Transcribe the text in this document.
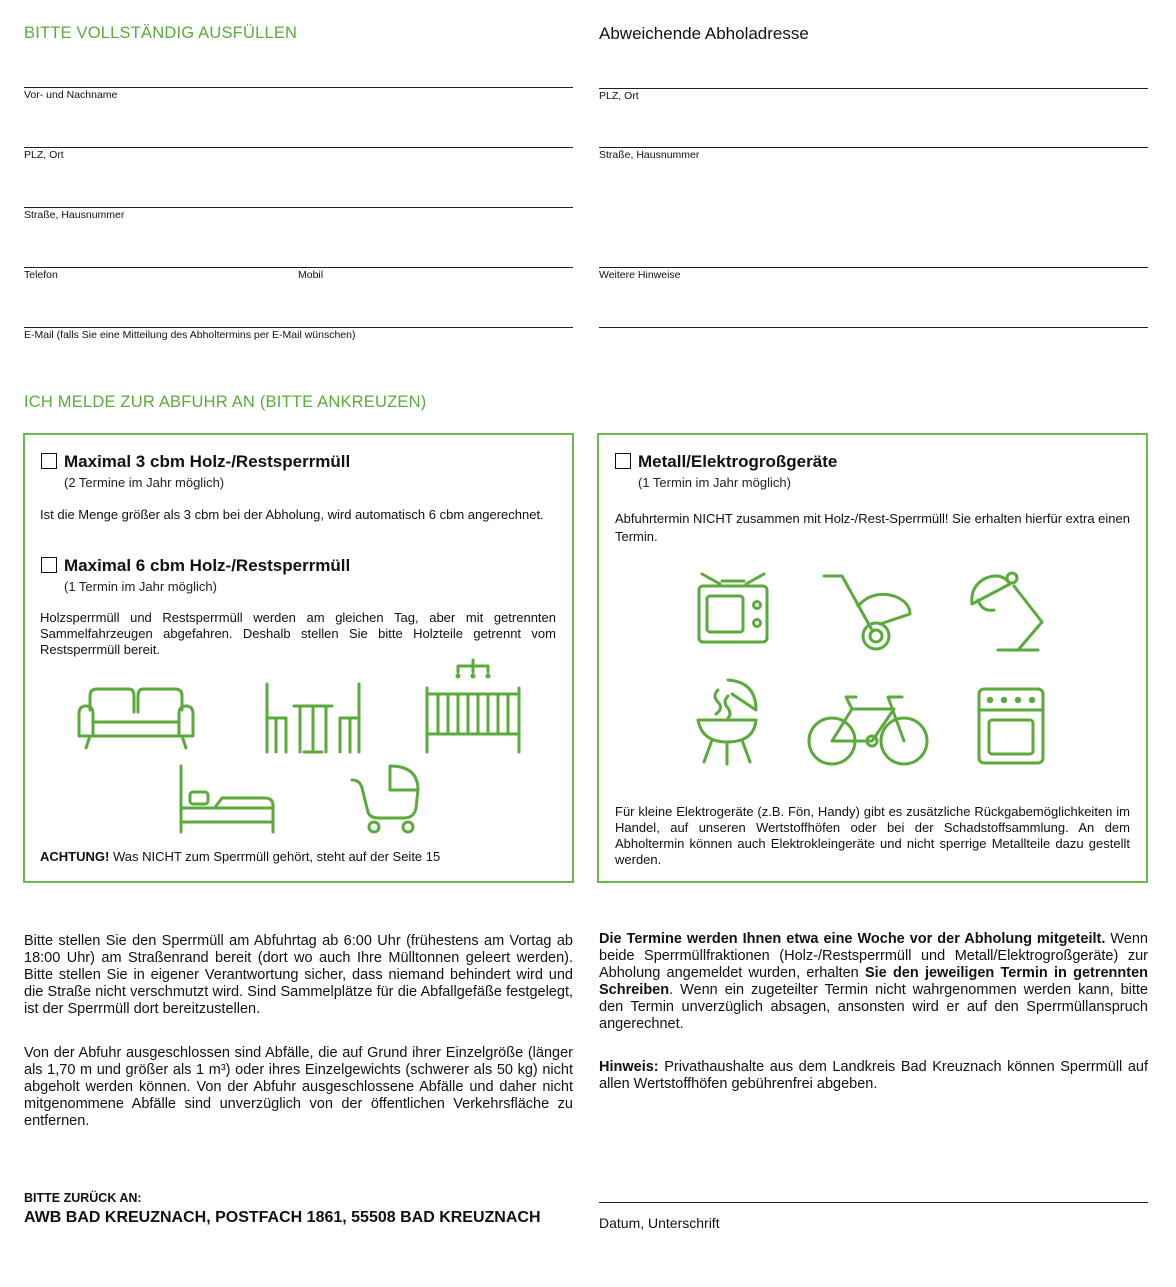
BITTE VOLLSTÄNDIG AUSFÜLLEN
Vor- und Nachname
PLZ, Ort
Straße, Hausnummer
Telefon	Mobil
E-Mail (falls Sie eine Mitteilung des Abholtermins per E-Mail wünschen)
Abweichende Abholadresse
PLZ, Ort
Straße, Hausnummer
Weitere Hinweise
ICH MELDE ZUR ABFUHR AN (BITTE ANKREUZEN)
Maximal 3 cbm Holz-/Restsperrmüll
(2 Termine im Jahr möglich)
Ist die Menge größer als 3 cbm bei der Abholung, wird automatisch 6 cbm angerechnet.
Maximal 6 cbm Holz-/Restsperrmüll
(1 Termin im Jahr möglich)
Holzsperrmüll und Restsperrmüll werden am gleichen Tag, aber mit getrennten Sammelfahrzeugen abgefahren. Deshalb stellen Sie bitte Holzteile getrennt vom Restsperrmüll bereit.
ACHTUNG! Was NICHT zum Sperrmüll gehört, steht auf der Seite 15
Metall/Elektrogroßgeräte
(1 Termin im Jahr möglich)
Abfuhrtermin NICHT zusammen mit Holz-/Rest-Sperrmüll! Sie erhalten hierfür extra einen Termin.
Für kleine Elektrogeräte (z.B. Fön, Handy) gibt es zusätzliche Rückgabemöglichkeiten im Handel, auf unseren Wertstoffhöfen oder bei der Schadstoffsammlung. An dem Abholtermin können auch Elektrokleingeräte und nicht sperrige Metallteile dazu gestellt werden.
Bitte stellen Sie den Sperrmüll am Abfuhrtag ab 6:00 Uhr (frühestens am Vortag ab 18:00 Uhr) am Straßenrand bereit (dort wo auch Ihre Mülltonnen geleert werden). Bitte stellen Sie in eigener Verantwortung sicher, dass niemand behindert wird und die Straße nicht verschmutzt wird. Sind Sammelplätze für die Abfallgefäße festgelegt, ist der Sperrmüll dort bereitzustellen.
Von der Abfuhr ausgeschlossen sind Abfälle, die auf Grund ihrer Einzelgröße (länger als 1,70 m und größer als 1 m³) oder ihres Einzelgewichts (schwerer als 50 kg) nicht abgeholt werden können. Von der Abfuhr ausgeschlossene Abfälle und daher nicht mitgenommene Abfälle sind unverzüglich von der öffentlichen Verkehrsfläche zu entfernen.
Die Termine werden Ihnen etwa eine Woche vor der Abholung mitgeteilt. Wenn beide Sperrmüllfraktionen (Holz-/Restsperrmüll und Metall/Elektrogroßgeräte) zur Abholung angemeldet wurden, erhalten Sie den jeweiligen Termin in getrennten Schreiben. Wenn ein zugeteilter Termin nicht wahrgenommen werden kann, bitte den Termin unverzüglich absagen, ansonsten wird er auf den Sperrmüllanspruch angerechnet.
Hinweis: Privathaushalte aus dem Landkreis Bad Kreuznach können Sperrmüll auf allen Wertstoffhöfen gebührenfrei abgeben.
BITTE ZURÜCK AN:
AWB BAD KREUZNACH, POSTFACH 1861, 55508 BAD KREUZNACH	Datum, Unterschrift
